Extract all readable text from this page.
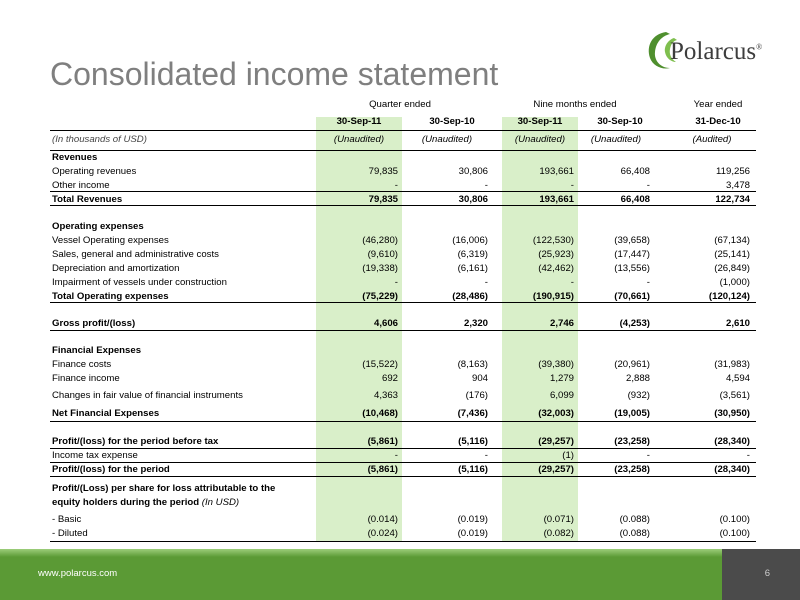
Consolidated income statement
Polarcus®
Quarter ended	Nine months ended	Year ended
30-Sep-11	30-Sep-10	30-Sep-11	30-Sep-10	31-Dec-10
(In thousands of USD)	(Unaudited)	(Unaudited)	(Unaudited)	(Unaudited)	(Audited)
Revenues
Operating revenues	79,835	30,806	193,661	66,408	119,256
Other income	-	-	-	-	3,478
Total Revenues	79,835	30,806	193,661	66,408	122,734
Operating expenses
Vessel Operating expenses	(46,280)	(16,006)	(122,530)	(39,658)	(67,134)
Sales, general and administrative costs	(9,610)	(6,319)	(25,923)	(17,447)	(25,141)
Depreciation and amortization	(19,338)	(6,161)	(42,462)	(13,556)	(26,849)
Impairment of vessels under construction	-	-	-	-	(1,000)
Total Operating expenses	(75,229)	(28,486)	(190,915)	(70,661)	(120,124)
Gross profit/(loss)	4,606	2,320	2,746	(4,253)	2,610
Financial Expenses
Finance costs	(15,522)	(8,163)	(39,380)	(20,961)	(31,983)
Finance income	692	904	1,279	2,888	4,594
Changes in fair value of financial instruments	4,363	(176)	6,099	(932)	(3,561)
Net Financial Expenses	(10,468)	(7,436)	(32,003)	(19,005)	(30,950)
Profit/(loss) for the period before tax	(5,861)	(5,116)	(29,257)	(23,258)	(28,340)
Income tax expense	-	-	(1)	-	-
Profit/(loss) for the period	(5,861)	(5,116)	(29,257)	(23,258)	(28,340)
Profit/(Loss) per share for loss attributable to the
equity holders during the period (In USD)
- Basic	(0.014)	(0.019)	(0.071)	(0.088)	(0.100)
- Diluted	(0.024)	(0.019)	(0.082)	(0.088)	(0.100)
www.polarcus.com	6
